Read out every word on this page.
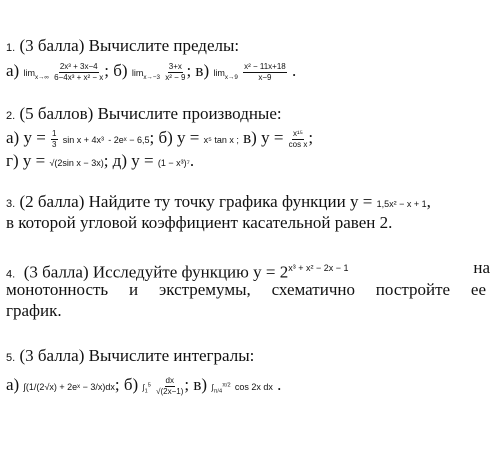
1. (3 балла) Вычислите пределы:
а) $\lim_{x\to\infty} \frac{\text{2x³ + 3x−4}}{\text{6−4x³ + x² − x}}$ ; б) $\lim_{x\to-3} \frac{3+x}{\text{x² − 9}}$ ; в) $\lim_{x\to 9} \frac{\text{x² − 11x+18}}{x-9}$ .
2. (5 баллов) Вычислите производные:
а) $y = \frac{1}{3}$ sin x + 4x³ - 2eˣ − 6,5; б) y = x⁵ tan x ; в) $y = \frac{\text{x¹⁵}}{\text{cos x}}$ ;
г) y = √(2sin x − 3x); д) y = (1 − x³)⁷.
3. (2 балла) Найдите ту точку графика функции y = 1,5x² − x + 1,
в которой угловой коэффициент касательной равен 2.
4. (3 балла) Исследуйте функцию $y = 2^{x^3 + x^2 - 2x - 1}$	на
монотонность и экстремумы, схематично постройте ее
график.
5. (3 балла) Вычислите интегралы:
а) ∫(1/(2√x) + 2eˣ − 3/x)dx; б) $\int_1^5 \frac{dx}{√(2x-1)}$ ; в) $\int_{\pi/4}^{\pi/2}$ cos 2x dx .
